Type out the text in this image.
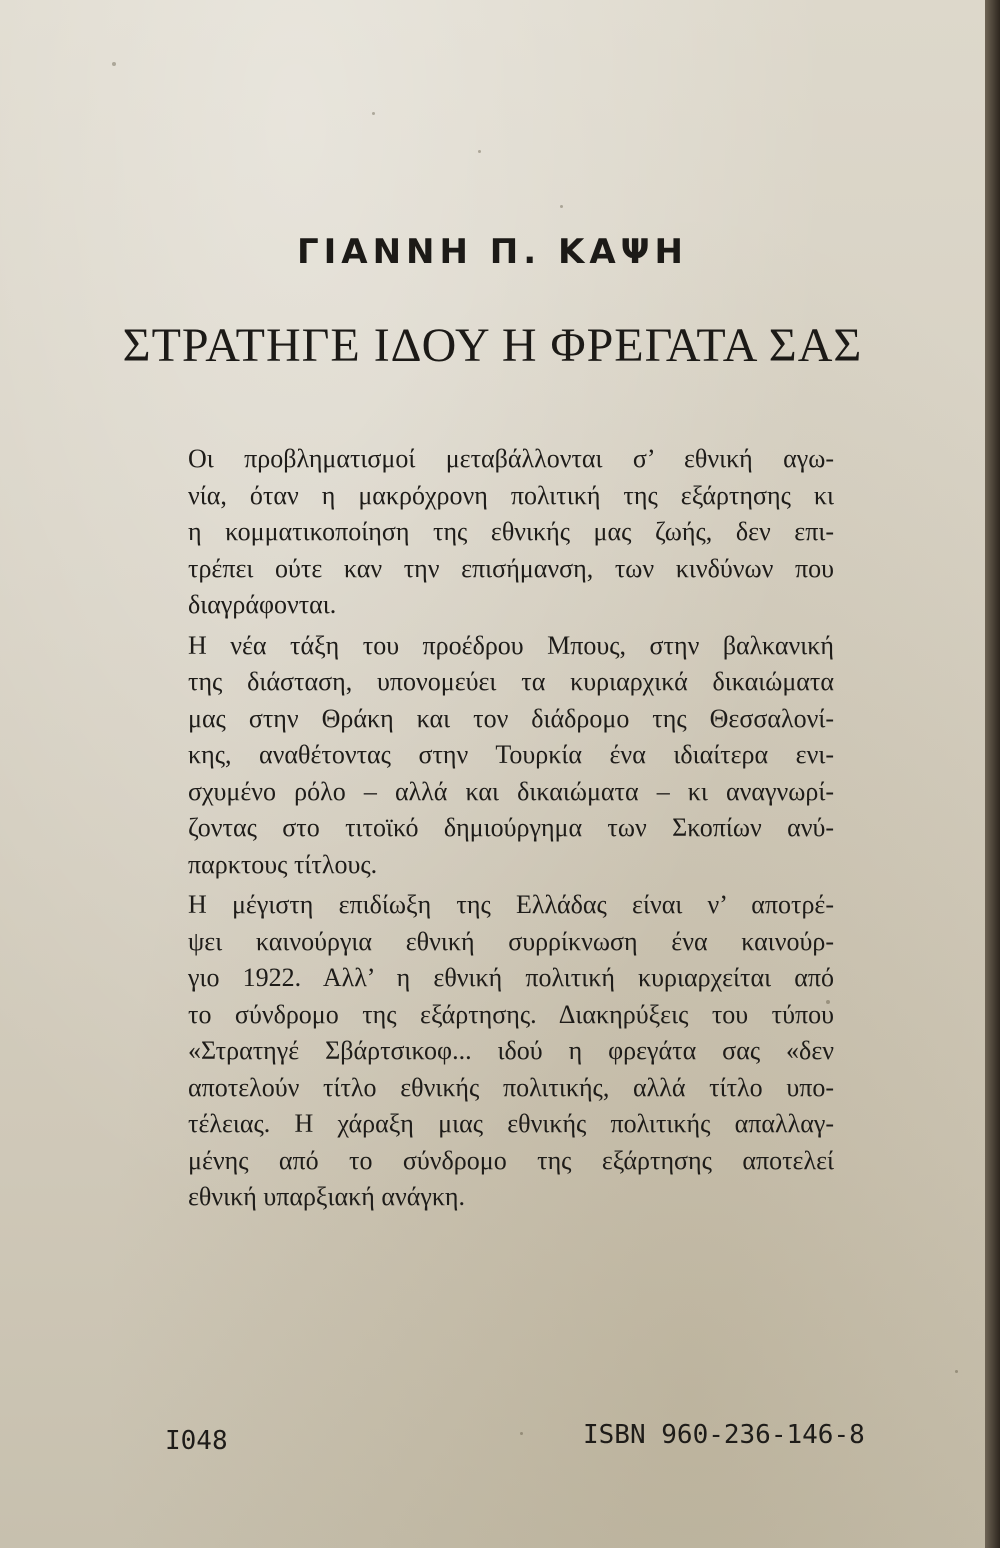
ΓΙΑΝΝΗ Π. ΚΑΨΗ
ΣΤΡΑΤΗΓΕ ΙΔΟΥ Η ΦΡΕΓΑΤΑ ΣΑΣ
Οι προβληματισμοί μεταβάλλονται σ’ εθνική αγω-
νία, όταν η μακρόχρονη πολιτική της εξάρτησης κι
η κομματικοποίηση της εθνικής μας ζωής, δεν επι-
τρέπει ούτε καν την επισήμανση, των κινδύνων που
διαγράφονται.
Η νέα τάξη του προέδρου Μπους, στην βαλκανική
της διάσταση, υπονομεύει τα κυριαρχικά δικαιώματα
μας στην Θράκη και τον διάδρομο της Θεσσαλονί-
κης, αναθέτοντας στην Τουρκία ένα ιδιαίτερα ενι-
σχυμένο ρόλο – αλλά και δικαιώματα – κι αναγνωρί-
ζοντας στο τιτοϊκό δημιούργημα των Σκοπίων ανύ-
παρκτους τίτλους.
Η μέγιστη επιδίωξη της Ελλάδας είναι ν’ αποτρέ-
ψει καινούργια εθνική συρρίκνωση ένα καινούρ-
γιο 1922. Αλλ’ η εθνική πολιτική κυριαρχείται από
το σύνδρομο της εξάρτησης. Διακηρύξεις του τύπου
«Στρατηγέ Σβάρτσικοφ... ιδού η φρεγάτα σας «δεν
αποτελούν τίτλο εθνικής πολιτικής, αλλά τίτλο υπο-
τέλειας. Η χάραξη μιας εθνικής πολιτικής απαλλαγ-
μένης από το σύνδρομο της εξάρτησης αποτελεί
εθνική υπαρξιακή ανάγκη.
I048	ISBN 960-236-146-8
